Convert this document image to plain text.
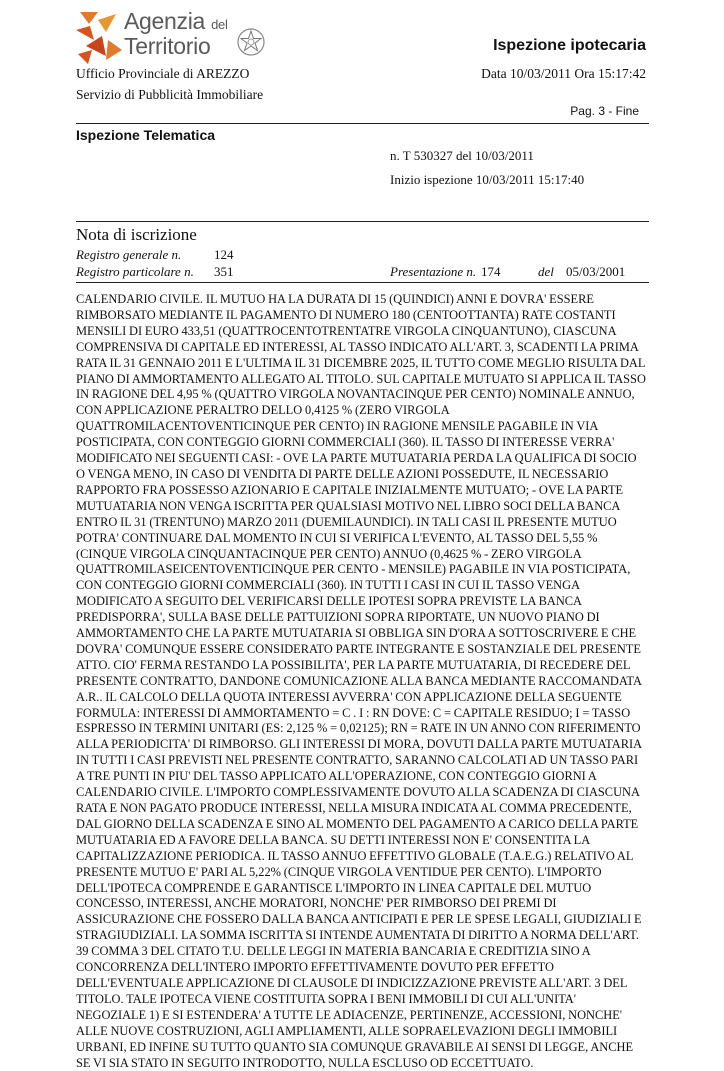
Agenzia del
Territorio	Ispezione ipotecaria
Ufficio Provinciale di AREZZO	Data 10/03/2011 Ora 15:17:42
Servizio di Pubblicità Immobiliare
Pag. 3 - Fine
Ispezione Telematica
n. T 530327 del 10/03/2011
Inizio ispezione 10/03/2011 15:17:40
Nota di iscrizione
Registro generale n.	124
Registro particolare n. 351	Presentazione n. 174	del 05/03/2001
CALENDARIO CIVILE. IL MUTUO HA LA DURATA DI 15 (QUINDICI) ANNI E DOVRA' ESSERE RIMBORSATO MEDIANTE IL PAGAMENTO DI NUMERO 180 (CENTOOTTANTA) RATE COSTANTI MENSILI DI EURO 433,51 (QUATTROCENTOTRENTATRE VIRGOLA CINQUANTUNO), CIASCUNA COMPRENSIVA DI CAPITALE ED INTERESSI, AL TASSO INDICATO ALL'ART. 3, SCADENTI LA PRIMA RATA IL 31 GENNAIO 2011 E L'ULTIMA IL 31 DICEMBRE 2025, IL TUTTO COME MEGLIO RISULTA DAL PIANO DI AMMORTAMENTO ALLEGATO AL TITOLO. SUL CAPITALE MUTUATO SI APPLICA IL TASSO IN RAGIONE DEL 4,95 % (QUATTRO VIRGOLA NOVANTACINQUE PER CENTO) NOMINALE ANNUO, CON APPLICAZIONE PERALTRO DELLO 0,4125 % (ZERO VIRGOLA QUATTROMILACENTOVENTICINQUE PER CENTO) IN RAGIONE MENSILE PAGABILE IN VIA POSTICIPATA, CON CONTEGGIO GIORNI COMMERCIALI (360). IL TASSO DI INTERESSE VERRA' MODIFICATO NEI SEGUENTI CASI: - OVE LA PARTE MUTUATARIA PERDA LA QUALIFICA DI SOCIO O VENGA MENO, IN CASO DI VENDITA DI PARTE DELLE AZIONI POSSEDUTE, IL NECESSARIO RAPPORTO FRA POSSESSO AZIONARIO E CAPITALE INIZIALMENTE MUTUATO; - OVE LA PARTE MUTUATARIA NON VENGA ISCRITTA PER QUALSIASI MOTIVO NEL LIBRO SOCI DELLA BANCA ENTRO IL 31 (TRENTUNO) MARZO 2011 (DUEMILAUNDICI). IN TALI CASI IL PRESENTE MUTUO POTRA' CONTINUARE DAL MOMENTO IN CUI SI VERIFICA L'EVENTO, AL TASSO DEL 5,55 % (CINQUE VIRGOLA CINQUANTACINQUE PER CENTO) ANNUO (0,4625 % - ZERO VIRGOLA QUATTROMILASEICENTOVENTICINQUE PER CENTO - MENSILE) PAGABILE IN VIA POSTICIPATA, CON CONTEGGIO GIORNI COMMERCIALI (360). IN TUTTI I CASI IN CUI IL TASSO VENGA MODIFICATO A SEGUITO DEL VERIFICARSI DELLE IPOTESI SOPRA PREVISTE LA BANCA PREDISPORRA', SULLA BASE DELLE PATTUIZIONI SOPRA RIPORTATE, UN NUOVO PIANO DI AMMORTAMENTO CHE LA PARTE MUTUATARIA SI OBBLIGA SIN D'ORA A SOTTOSCRIVERE E CHE DOVRA' COMUNQUE ESSERE CONSIDERATO PARTE INTEGRANTE E SOSTANZIALE DEL PRESENTE ATTO. CIO' FERMA RESTANDO LA POSSIBILITA', PER LA PARTE MUTUATARIA, DI RECEDERE DEL PRESENTE CONTRATTO, DANDONE COMUNICAZIONE ALLA BANCA MEDIANTE RACCOMANDATA A.R.. IL CALCOLO DELLA QUOTA INTERESSI AVVERRA' CON APPLICAZIONE DELLA SEGUENTE FORMULA: INTERESSI DI AMMORTAMENTO = C . I : RN DOVE: C = CAPITALE RESIDUO; I = TASSO ESPRESSO IN TERMINI UNITARI (ES: 2,125 % = 0,02125); RN = RATE IN UN ANNO CON RIFERIMENTO ALLA PERIODICITA' DI RIMBORSO. GLI INTERESSI DI MORA, DOVUTI DALLA PARTE MUTUATARIA IN TUTTI I CASI PREVISTI NEL PRESENTE CONTRATTO, SARANNO CALCOLATI AD UN TASSO PARI A TRE PUNTI IN PIU' DEL TASSO APPLICATO ALL'OPERAZIONE, CON CONTEGGIO GIORNI A CALENDARIO CIVILE. L'IMPORTO COMPLESSIVAMENTE DOVUTO ALLA SCADENZA DI CIASCUNA RATA E NON PAGATO PRODUCE INTERESSI, NELLA MISURA INDICATA AL COMMA PRECEDENTE, DAL GIORNO DELLA SCADENZA E SINO AL MOMENTO DEL PAGAMENTO A CARICO DELLA PARTE MUTUATARIA ED A FAVORE DELLA BANCA. SU DETTI INTERESSI NON E' CONSENTITA LA CAPITALIZZAZIONE PERIODICA. IL TASSO ANNUO EFFETTIVO GLOBALE (T.A.E.G.) RELATIVO AL PRESENTE MUTUO E' PARI AL 5,22% (CINQUE VIRGOLA VENTIDUE PER CENTO). L'IMPORTO DELL'IPOTECA COMPRENDE E GARANTISCE L'IMPORTO IN LINEA CAPITALE DEL MUTUO CONCESSO, INTERESSI, ANCHE MORATORI, NONCHE' PER RIMBORSO DEI PREMI DI ASSICURAZIONE CHE FOSSERO DALLA BANCA ANTICIPATI E PER LE SPESE LEGALI, GIUDIZIALI E STRAGIUDIZIALI. LA SOMMA ISCRITTA SI INTENDE AUMENTATA DI DIRITTO A NORMA DELL'ART. 39 COMMA 3 DEL CITATO T.U. DELLE LEGGI IN MATERIA BANCARIA E CREDITIZIA SINO A CONCORRENZA DELL'INTERO IMPORTO EFFETTIVAMENTE DOVUTO PER EFFETTO DELL'EVENTUALE APPLICAZIONE DI CLAUSOLE DI INDICIZZAZIONE PREVISTE ALL'ART. 3 DEL TITOLO. TALE IPOTECA VIENE COSTITUITA SOPRA I BENI IMMOBILI DI CUI ALL'UNITA' NEGOZIALE 1) E SI ESTENDERA' A TUTTE LE ADIACENZE, PERTINENZE, ACCESSIONI, NONCHE' ALLE NUOVE COSTRUZIONI, AGLI AMPLIAMENTI, ALLE SOPRAELEVAZIONI DEGLI IMMOBILI URBANI, ED INFINE SU TUTTO QUANTO SIA COMUNQUE GRAVABILE AI SENSI DI LEGGE, ANCHE SE VI SIA STATO IN SEGUITO INTRODOTTO, NULLA ESCLUSO OD ECCETTUATO.
